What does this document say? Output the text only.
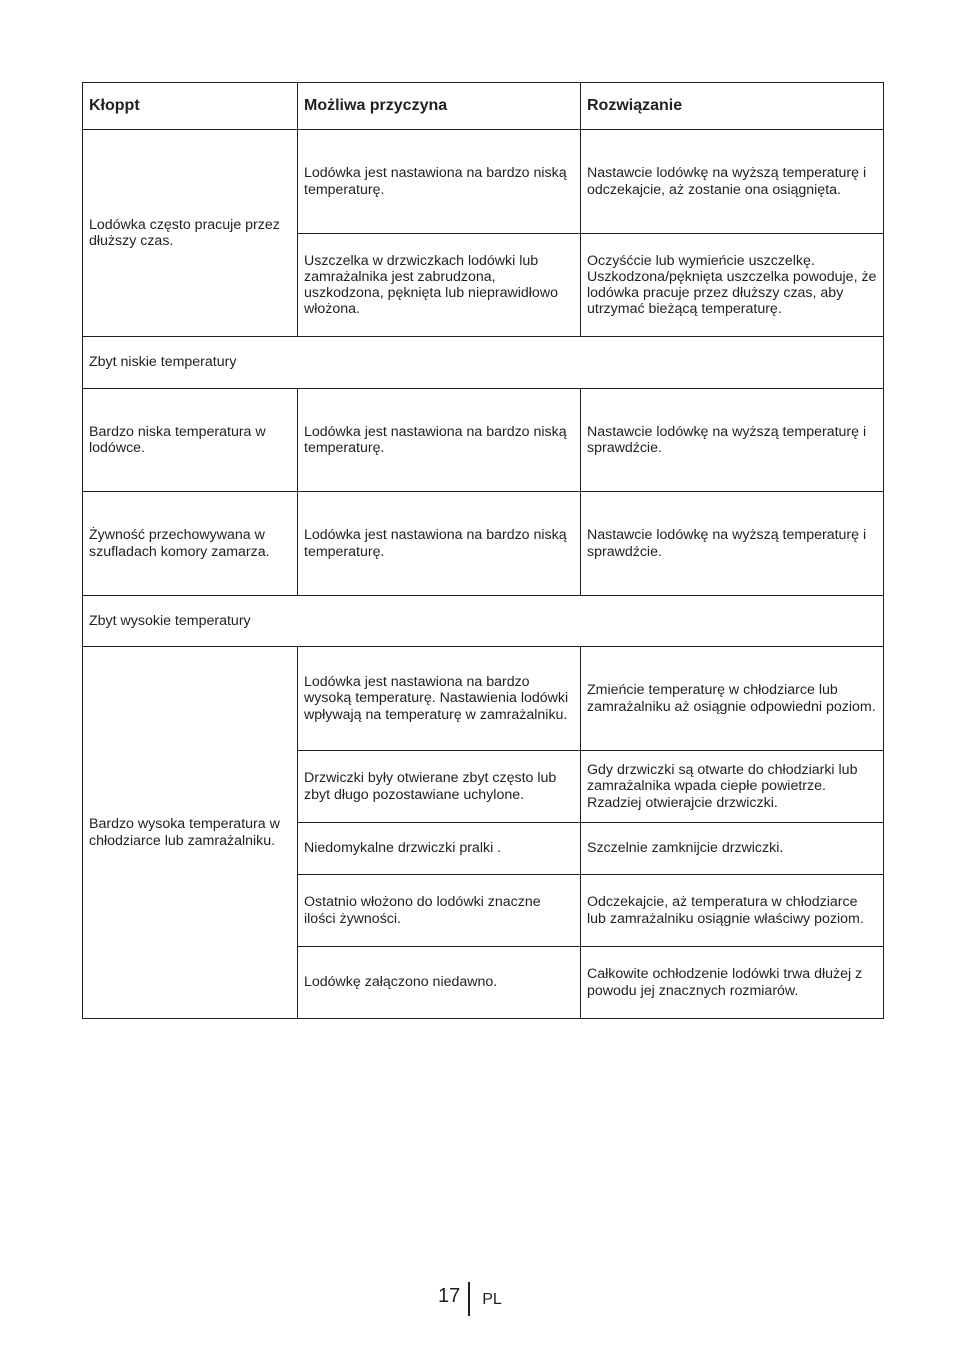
Kłoppt	Możliwa przyczyna	Rozwiązanie
Lodówka często pracuje przez dłuższy czas.	Lodówka jest nastawiona na bardzo niską temperaturę.	Nastawcie lodówkę na wyższą temperaturę i odczekajcie, aż zostanie ona osiągnięta.
	Uszczelka w drzwiczkach lodówki lub zamrażalnika jest zabrudzona, uszkodzona, pęknięta lub nieprawidłowo włożona.	Oczyśćcie lub wymieńcie uszczelkę. Uszkodzona/pęknięta uszczelka powoduje, że lodówka pracuje przez dłuższy czas, aby utrzymać bieżącą temperaturę.
Zbyt niskie temperatury		
Bardzo niska temperatura w lodówce.	Lodówka jest nastawiona na bardzo niską temperaturę.	Nastawcie lodówkę na wyższą temperaturę i sprawdźcie.
Żywność przechowywana w szufladach komory zamarza.	Lodówka jest nastawiona na bardzo niską temperaturę.	Nastawcie lodówkę na wyższą temperaturę i sprawdźcie.
Zbyt wysokie temperatury		
Bardzo wysoka temperatura w chłodziarce lub zamrażalniku.	Lodówka jest nastawiona na bardzo wysoką temperaturę. Nastawienia lodówki wpływają na temperaturę w zamrażalniku.	Zmieńcie temperaturę w chłodziarce lub zamrażalniku aż osiągnie odpowiedni poziom.
	Drzwiczki były otwierane zbyt często lub zbyt długo pozostawiane uchylone.	Gdy drzwiczki są otwarte do chłodziarki lub zamrażalnika wpada ciepłe powietrze. Rzadziej otwierajcie drzwiczki.
	Niedomykalne drzwiczki pralki .	Szczelnie zamknijcie drzwiczki.
	Ostatnio włożono do lodówki znaczne ilości żywności.	Odczekajcie, aż temperatura w chłodziarce lub zamrażalniku osiągnie właściwy poziom.
	Lodówkę załączono niedawno.	Całkowite ochłodzenie lodówki trwa dłużej z powodu jej znacznych rozmiarów.
17 PL
